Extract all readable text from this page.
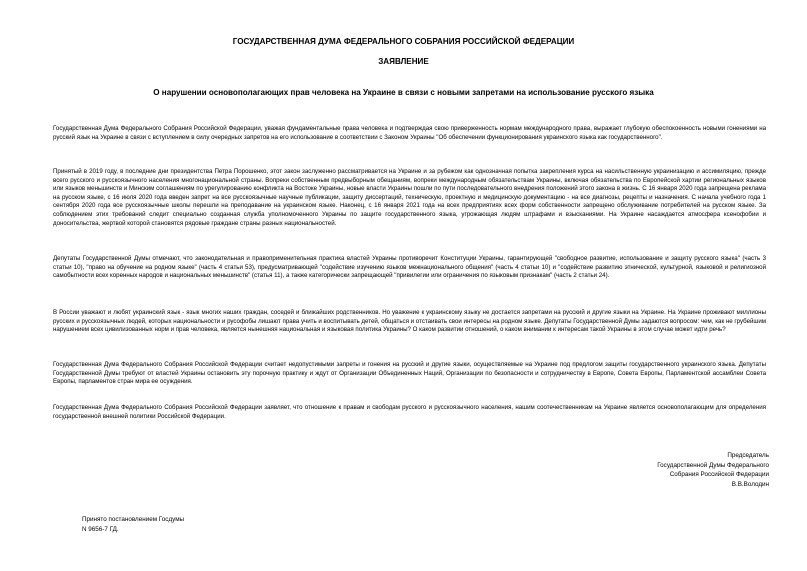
ГОСУДАРСТВЕННАЯ ДУМА ФЕДЕРАЛЬНОГО СОБРАНИЯ РОССИЙСКОЙ ФЕДЕРАЦИИ
ЗАЯВЛЕНИЕ
О нарушении основополагающих прав человека на Украине в связи с новыми запретами на использование русского языка

Государственная Дума Федерального Собрания Российской Федерации, уважая фундаментальные права человека и подтверждая свою приверженность нормам международного права, выражает глубокую обеспокоенность новыми гонениями на русский язык на Украине в связи с вступлением в силу очередных запретов на его использование в соответствии с Законом Украины "Об обеспечении функционирования украинского языка как государственного".

Принятый в 2019 году, в последние дни президентства Петра Порошенко, этот закон заслуженно рассматривается на Украине и за рубежом как однозначная попытка закрепления курса на насильственную украинизацию и ассимиляцию, прежде всего русского и русскоязычного населения многонациональной страны. Вопреки собственным предвыборным обещаниям, вопреки международным обязательствам Украины, включая обязательства по Европейской хартии региональных языков или языков меньшинств и Минским соглашениям по урегулированию конфликта на Востоке Украины, новые власти Украины пошли по пути последовательного внедрения положений этого закона в жизнь. С 16 января 2020 года запрещена реклама на русском языке, с 16 июля 2020 года введен запрет на все русскоязычные научные публикации, защиту диссертаций, техническую, проектную и медицинскую документацию - на все диагнозы, рецепты и назначения. С начала учебного года 1 сентября 2020 года все русскоязычные школы перешли на преподавание на украинском языке. Наконец, с 16 января 2021 года на всех предприятиях всех форм собственности запрещено обслуживание потребителей на русском языке. За соблюдением этих требований следит специально созданная служба уполномоченного Украины по защите государственного языка, угрожающая людям штрафами и взысканиями. На Украине насаждается атмосфера ксенофобии и доносительства, жертвой которой становятся рядовые граждане страны разных национальностей.

Депутаты Государственной Думы отмечают, что законодательная и правоприменительная практика властей Украины противоречит Конституции Украины, гарантирующей "свободное развитие, использование и защиту русского языка" (часть 3 статьи 10), "право на обучение на родном языке" (часть 4 статьи 53), предусматривающей "содействие изучению языков межнационального общения" (часть 4 статьи 10) и "содействие развитию этнической, культурной, языковой и религиозной самобытности всех коренных народов и национальных меньшинств" (статья 11), а также категорически запрещающей "привилегии или ограничения по языковым признакам" (часть 2 статьи 24).

В России уважают и любят украинский язык - язык многих наших граждан, соседей и ближайших родственников. Но уважение к украинскому языку не достается запретами на русский и другие языки на Украине. На Украине проживают миллионы русских и русскоязычных людей, которых национальности и русофобы лишают права учить и воспитывать детей, общаться и отстаивать свои интересы на родном языке. Депутаты Государственной Думы задаются вопросом: чем, как не грубейшим нарушением всех цивилизованных норм и прав человека, является нынешняя национальная и языковая политика Украины? О каком развитии отношений, о каком внимании к интересам такой Украины в этом случае может идти речь?

Государственная Дума Федерального Собрания Российской Федерации считает недопустимыми запреты и гонения на русский и другие языки, осуществляемые на Украине под предлогом защиты государственного украинского языка. Депутаты Государственной Думы требуют от властей Украины остановить эту порочную практику и ждут от Организации Объединенных Наций, Организации по безопасности и сотрудничеству в Европе, Совета Европы, Парламентской ассамблеи Совета Европы, парламентов стран мира ее осуждения.

Государственная Дума Федерального Собрания Российской Федерации заявляет, что отношение к правам и свободам русского и русскоязычного населения, нашим соотечественникам на Украине является основополагающим для определения государственной внешней политики Российской Федерации.

Председатель
Государственной Думы Федерального
Собрания Российской Федерации
В.В.Володин
Принято постановлением Госдумы
N 9656-7 ГД.
